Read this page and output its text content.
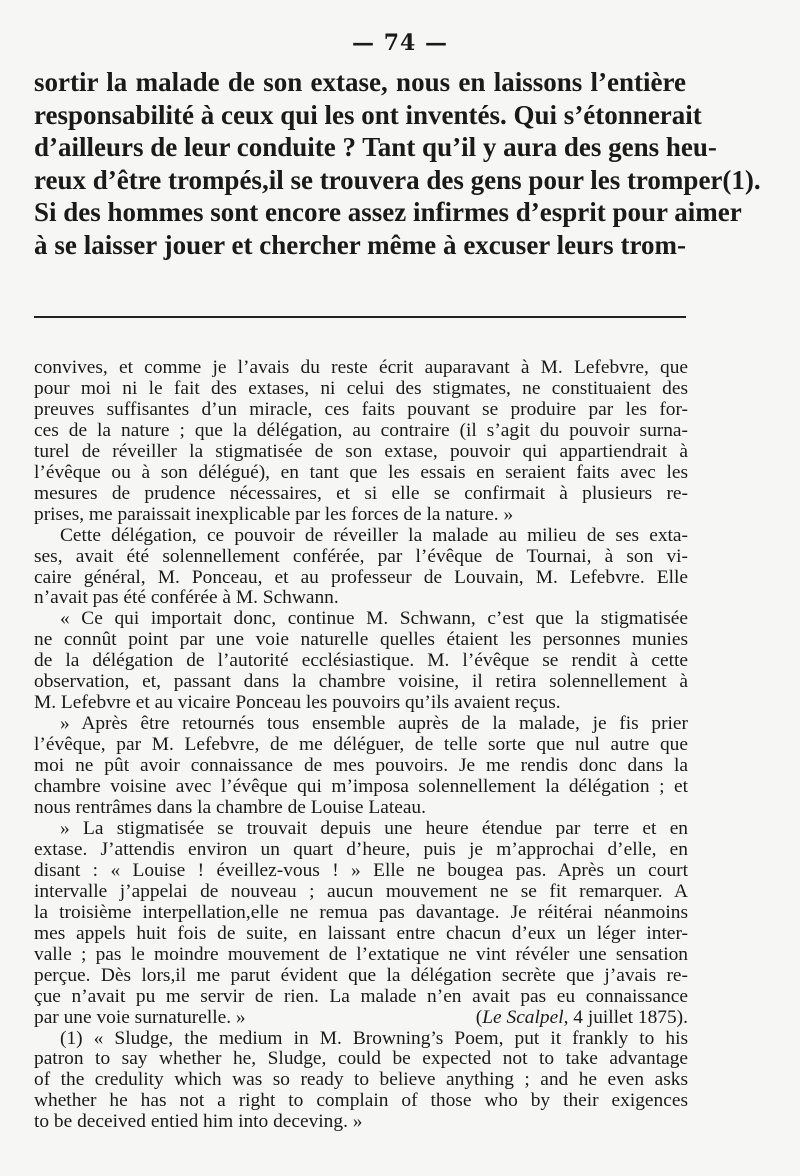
— 74 —
sortir la malade de son extase, nous en laissons l’entière
responsabilité à ceux qui les ont inventés. Qui s’étonnerait
d’ailleurs de leur conduite ? Tant qu’il y aura des gens heu-
reux d’être trompés,il se trouvera des gens pour les tromper(1).
Si des hommes sont encore assez infirmes d’esprit pour aimer
à se laisser jouer et chercher même à excuser leurs trom-
convives, et comme je l’avais du reste écrit auparavant à M. Lefebvre, que
pour moi ni le fait des extases, ni celui des stigmates, ne constituaient des
preuves suffisantes d’un miracle, ces faits pouvant se produire par les for-
ces de la nature ; que la délégation, au contraire (il s’agit du pouvoir surna-
turel de réveiller la stigmatisée de son extase, pouvoir qui appartiendrait à
l’évêque ou à son délégué), en tant que les essais en seraient faits avec les
mesures de prudence nécessaires, et si elle se confirmait à plusieurs re-
prises, me paraissait inexplicable par les forces de la nature. »
Cette délégation, ce pouvoir de réveiller la malade au milieu de ses exta-
ses, avait été solennellement conférée, par l’évêque de Tournai, à son vi-
caire général, M. Ponceau, et au professeur de Louvain, M. Lefebvre. Elle
n’avait pas été conférée à M. Schwann.
« Ce qui importait donc, continue M. Schwann, c’est que la stigmatisée
ne connût point par une voie naturelle quelles étaient les personnes munies
de la délégation de l’autorité ecclésiastique. M. l’évêque se rendit à cette
observation, et, passant dans la chambre voisine, il retira solennellement à
M. Lefebvre et au vicaire Ponceau les pouvoirs qu’ils avaient reçus.
» Après être retournés tous ensemble auprès de la malade, je fis prier
l’évêque, par M. Lefebvre, de me déléguer, de telle sorte que nul autre que
moi ne pût avoir connaissance de mes pouvoirs. Je me rendis donc dans la
chambre voisine avec l’évêque qui m’imposa solennellement la délégation ; et
nous rentrâmes dans la chambre de Louise Lateau.
» La stigmatisée se trouvait depuis une heure étendue par terre et en
extase. J’attendis environ un quart d’heure, puis je m’approchai d’elle, en
disant : « Louise ! éveillez-vous ! » Elle ne bougea pas. Après un court
intervalle j’appelai de nouveau ; aucun mouvement ne se fit remarquer. A
la troisième interpellation,elle ne remua pas davantage. Je réitérai néanmoins
mes appels huit fois de suite, en laissant entre chacun d’eux un léger inter-
valle ; pas le moindre mouvement de l’extatique ne vint révéler une sensation
perçue. Dès lors,il me parut évident que la délégation secrète que j’avais re-
çue n’avait pu me servir de rien. La malade n’en avait pas eu connaissance
par une voie surnaturelle. »	(Le Scalpel, 4 juillet 1875).
(1) « Sludge, the medium in M. Browning’s Poem, put it frankly to his
patron to say whether he, Sludge, could be expected not to take advantage
of the credulity which was so ready to believe anything ; and he even asks
whether he has not a right to complain of those who by their exigences
to be deceived entied him into deceving. »
